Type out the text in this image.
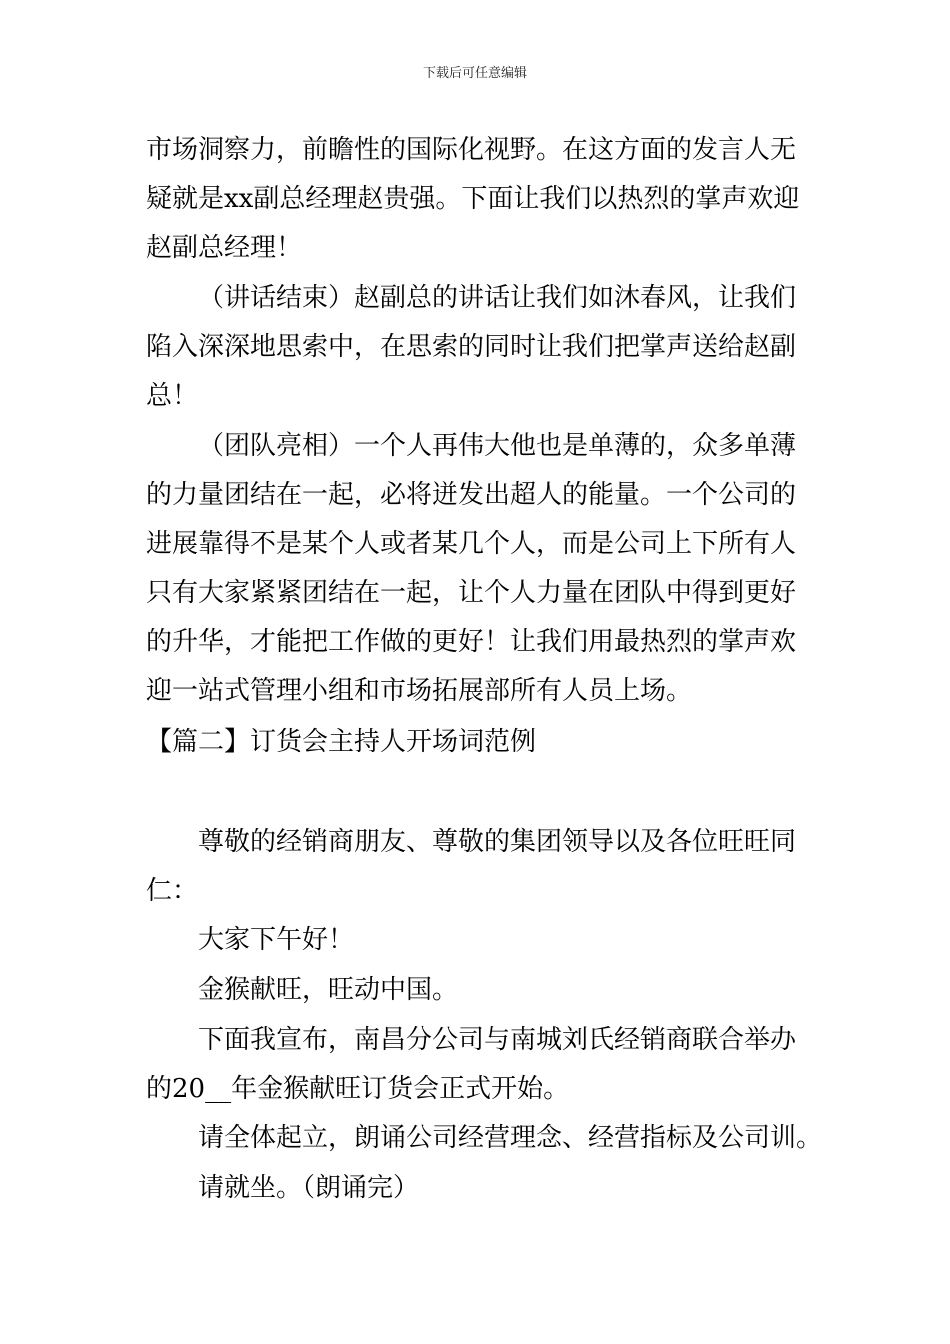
下载后可任意编辑
市场洞察力，前瞻性的国际化视野。在这方面的发言人无
疑就是xx副总经理赵贵强。下面让我们以热烈的掌声欢迎
赵副总经理！
（讲话结束）赵副总的讲话让我们如沐春风，让我们
陷入深深地思索中，在思索的同时让我们把掌声送给赵副
总！
（团队亮相）一个人再伟大他也是单薄的，众多单薄
的力量团结在一起，必将迸发出超人的能量。一个公司的
进展靠得不是某个人或者某几个人，而是公司上下所有人
只有大家紧紧团结在一起，让个人力量在团队中得到更好
的升华，才能把工作做的更好！让我们用最热烈的掌声欢
迎一站式管理小组和市场拓展部所有人员上场。
【篇二】订货会主持人开场词范例
尊敬的经销商朋友、尊敬的集团领导以及各位旺旺同
仁：
大家下午好！
金猴献旺，旺动中国。
下面我宣布，南昌分公司与南城刘氏经销商联合举办
的20__年金猴献旺订货会正式开始。
请全体起立，朗诵公司经营理念、经营指标及公司训。
请就坐。（朗诵完）
